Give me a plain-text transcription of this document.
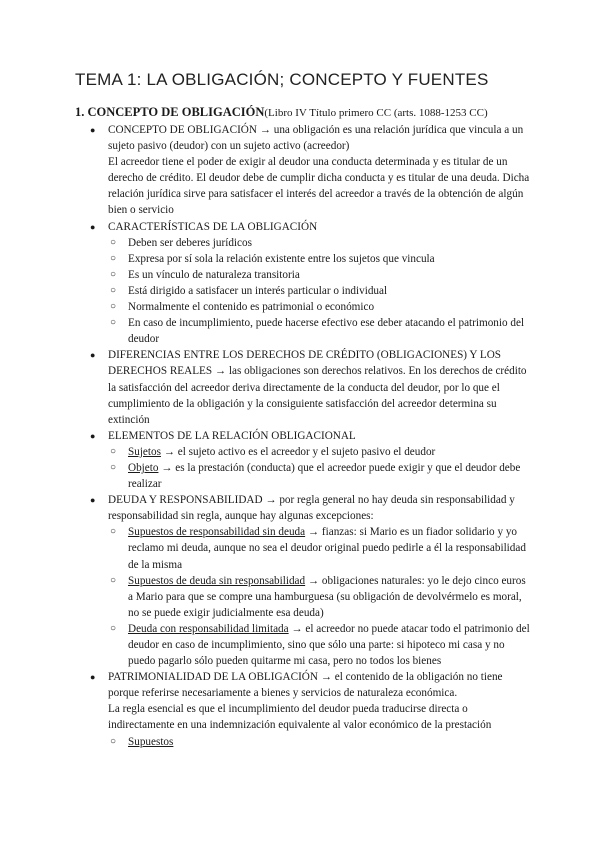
TEMA 1: LA OBLIGACIÓN; CONCEPTO Y FUENTES
1. CONCEPTO DE OBLIGACIÓN(Libro IV Título primero CC (arts. 1088-1253 CC)
● CONCEPTO DE OBLIGACIÓN → una obligación es una relación jurídica que vincula a un sujeto pasivo (deudor) con un sujeto activo (acreedor)
El acreedor tiene el poder de exigir al deudor una conducta determinada y es titular de un derecho de crédito. El deudor debe de cumplir dicha conducta y es titular de una deuda. Dicha relación jurídica sirve para satisfacer el interés del acreedor a través de la obtención de algún bien o servicio
● CARACTERÍSTICAS DE LA OBLIGACIÓN
○ Deben ser deberes jurídicos
○ Expresa por sí sola la relación existente entre los sujetos que vincula
○ Es un vínculo de naturaleza transitoria
○ Está dirigido a satisfacer un interés particular o individual
○ Normalmente el contenido es patrimonial o económico
○ En caso de incumplimiento, puede hacerse efectivo ese deber atacando el patrimonio del deudor
● DIFERENCIAS ENTRE LOS DERECHOS DE CRÉDITO (OBLIGACIONES) Y LOS DERECHOS REALES → las obligaciones son derechos relativos. En los derechos de crédito la satisfacción del acreedor deriva directamente de la conducta del deudor, por lo que el cumplimiento de la obligación y la consiguiente satisfacción del acreedor determina su extinción
● ELEMENTOS DE LA RELACIÓN OBLIGACIONAL
○ Sujetos → el sujeto activo es el acreedor y el sujeto pasivo el deudor
○ Objeto → es la prestación (conducta) que el acreedor puede exigir y que el deudor debe realizar
● DEUDA Y RESPONSABILIDAD → por regla general no hay deuda sin responsabilidad y responsabilidad sin regla, aunque hay algunas excepciones:
○ Supuestos de responsabilidad sin deuda → fianzas: si Mario es un fiador solidario y yo reclamo mi deuda, aunque no sea el deudor original puedo pedirle a él la responsabilidad de la misma
○ Supuestos de deuda sin responsabilidad → obligaciones naturales: yo le dejo cinco euros a Mario para que se compre una hamburguesa (su obligación de devolvérmelo es moral, no se puede exigir judicialmente esa deuda)
○ Deuda con responsabilidad limitada → el acreedor no puede atacar todo el patrimonio del deudor en caso de incumplimiento, sino que sólo una parte: si hipoteco mi casa y no puedo pagarlo sólo pueden quitarme mi casa, pero no todos los bienes
● PATRIMONIALIDAD DE LA OBLIGACIÓN → el contenido de la obligación no tiene porque referirse necesariamente a bienes y servicios de naturaleza económica.
La regla esencial es que el incumplimiento del deudor pueda traducirse directa o indirectamente en una indemnización equivalente al valor económico de la prestación
○ Supuestos
